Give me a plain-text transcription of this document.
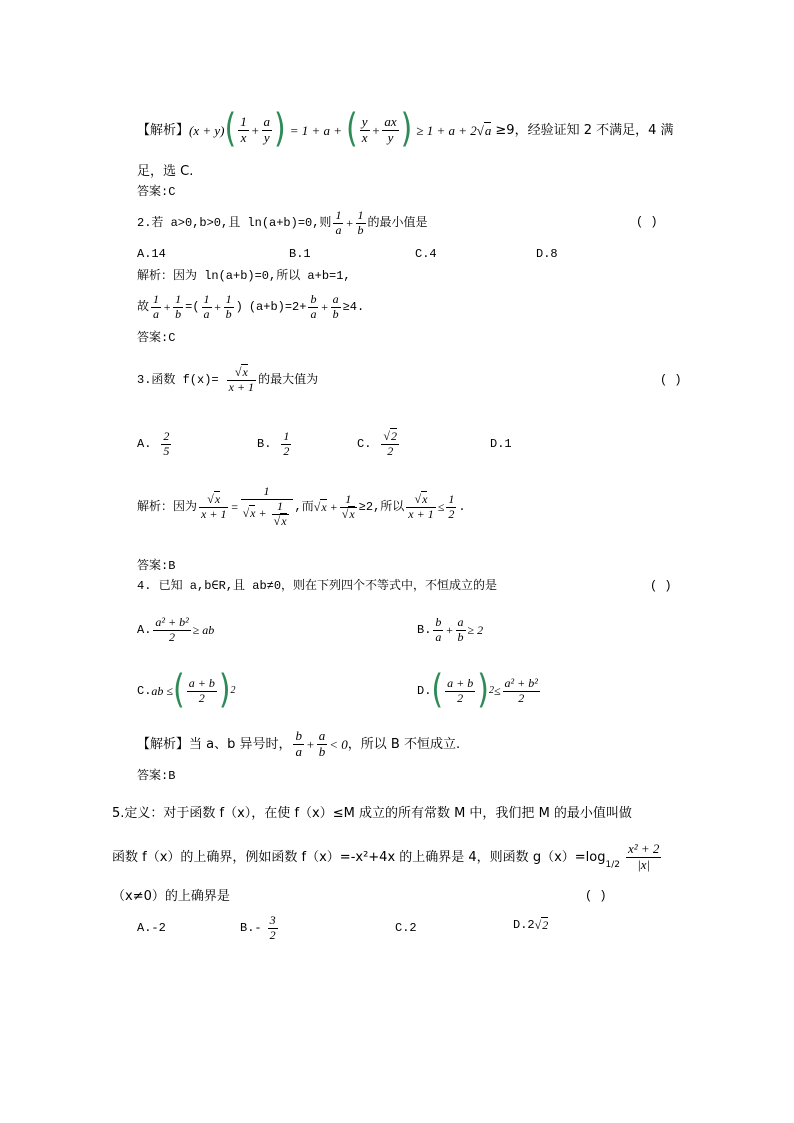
【解析】 (x + y) ( $\frac{1}{x} + \frac{a}{y}$ ) = 1 + a + ( $\frac{y}{x} + \frac{ax}{y}$ ) ≥ 1 + a + 2√a ≥9，经验证知 2 不满足，4 满
足，选 C.
答案:C
2.若 a>0,b>0,且 ln(a+b)=0,则 $\frac{1}{a} + \frac{1}{b}$ 的最小值是	( )
A.14	B.1	C.4	D.8
解析：因为 ln(a+b)=0,所以 a+b=1,
故 $\frac{1}{a} + \frac{1}{b}$ =( $\frac{1}{a} + \frac{1}{b}$ ) $(a+b)=2+ \frac{b}{a} + \frac{a}{b} \ge 4$.
答案:C
3.函数 $f(x)= \frac{√x}{x + 1}$ 的最大值为	( )
A. $\frac{2}{5}$	B. $\frac{1}{2}$	C. $\frac{√2}{2}$	D.1
解析：因为 $\frac{√x}{x + 1} = \frac{1}{√x + \frac{1}{√x}}$ ,而 $√x + \frac{1}{√x} \ge 2$,所以 $\frac{√x}{x + 1} \le \frac{1}{2}$ .
答案:B
4. 已知 a,b∈R,且 ab≠0，则在下列四个不等式中，不恒成立的是	( )
A. $\frac{\text{a² + b²}}{2}$ ≥ ab	B. $\frac{b}{a} + \frac{a}{b} \ge 2$
C. ab ≤ ( $\frac{a + b}{2}$ ) 2	D. ( $\frac{a + b}{2}$ ) $2 \le \frac{\text{a² + b²}}{2}$
【解析】当 a、b 异号时， $\frac{b}{a} + \frac{a}{b} < 0$ ，所以 B 不恒成立.
答案:B
5.定义：对于函数 f（x），在使 f（x）≤M 成立的所有常数 M 中，我们把 M 的最小值叫做
函数 f（x）的上确界，例如函数 f（x）=-x²+4x 的上确界是 4，则函数 $g(x)=\log_{1/2} \frac{\text{x² + 2}}{|x|}$
（x≠0）的上确界是	( )
A.-2	$B.- \frac{3}{2}$	C.2	D.2 √2
